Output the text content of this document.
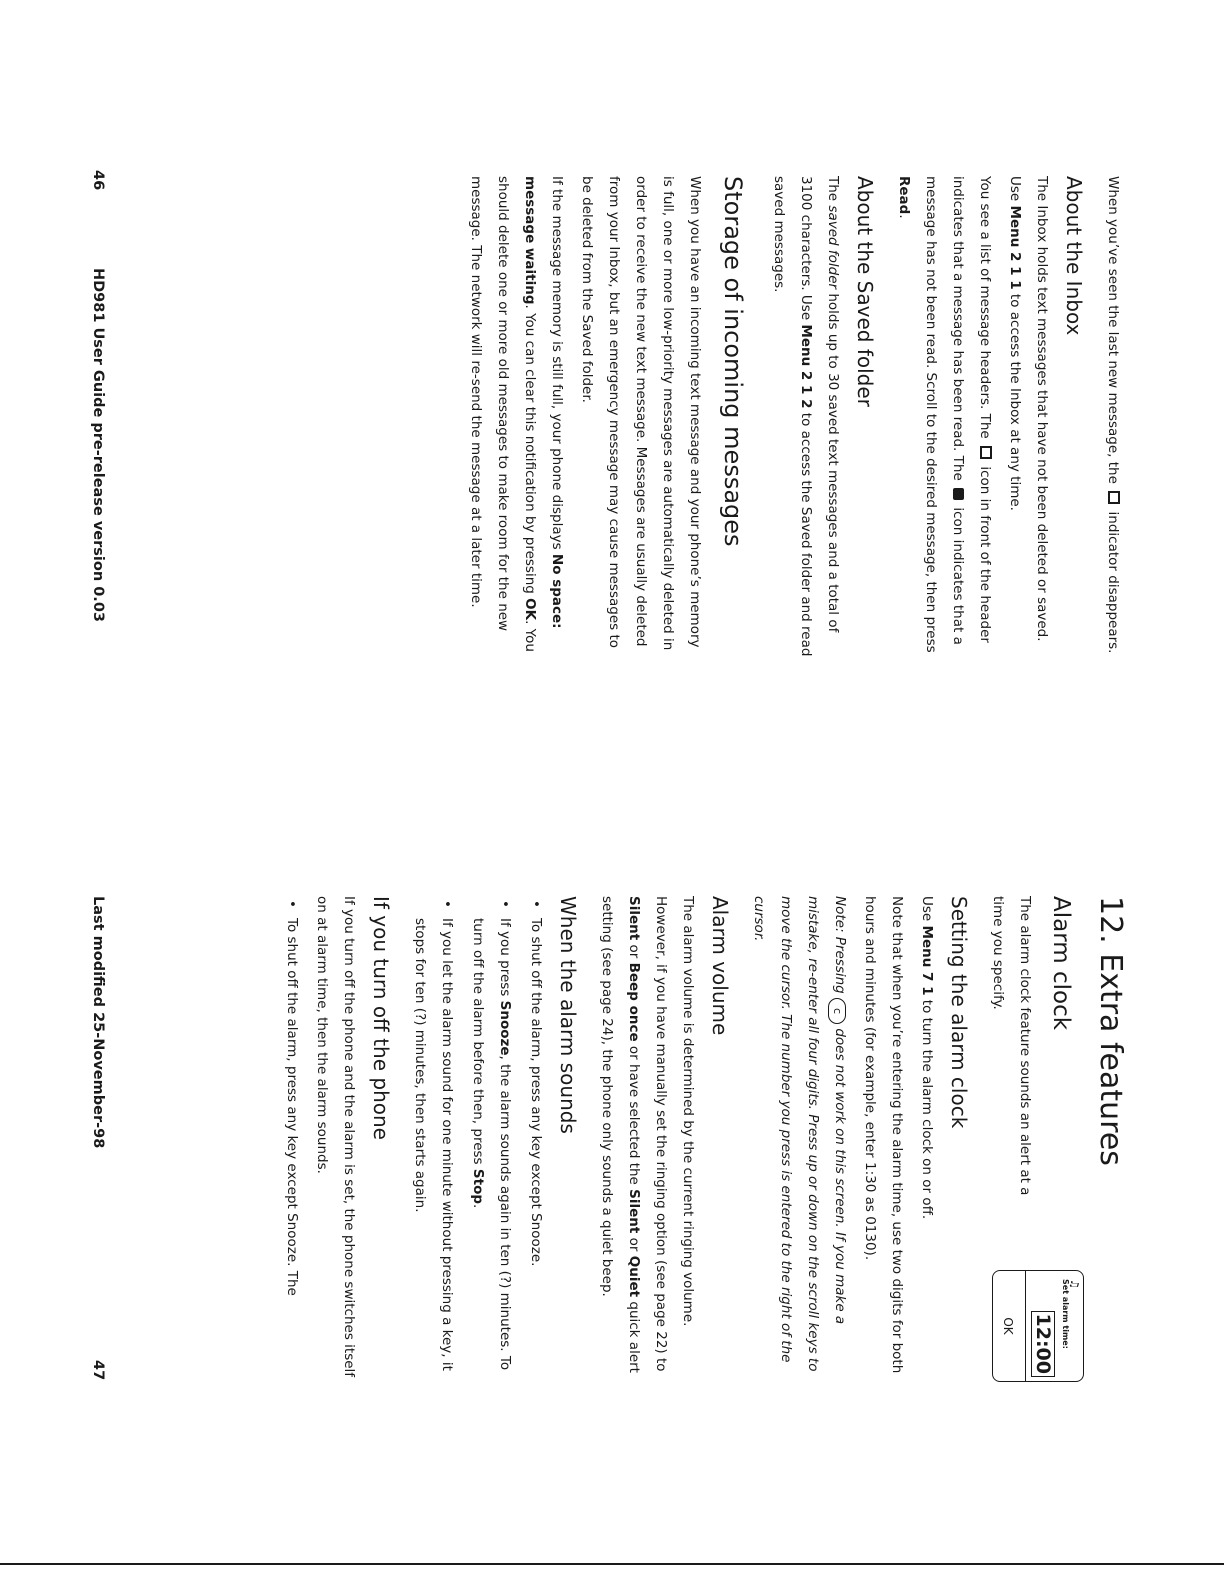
When you’ve seen the last new message, the  indicator disappears.

About the Inbox

The Inbox holds text messages that have not been deleted or saved. Use Menu 2 1 1 to access the Inbox at any time.

You see a list of message headers. The  icon in front of the header indicates that a message has been read. The  icon indicates that a message has not been read. Scroll to the desired message, then press Read.

About the Saved folder

The saved folder holds up to 30 saved text messages and a total of 3100 characters. Use Menu 2 1 2 to access the Saved folder and read saved messages.

Storage of incoming messages

When you have an incoming text message and your phone’s memory is full, one or more low-priority messages are automatically deleted in order to receive the new text message. Messages are usually deleted from your Inbox, but an emergency message may cause messages to be deleted from the Saved folder.

If the message memory is still full, your phone displays No space: message waiting. You can clear this notification by pressing OK. You should delete one or more old messages to make room for the new message. The network will re-send the message at a later time.

12. Extra features
Alarm clock

The alarm clock feature sounds an alert at a time you specify.

Setting the alarm clock

Use Menu 7 1 to turn the alarm clock on or off.

Note that when you’re entering the alarm time, use two digits for both hours and minutes (for example, enter 1:30 as 0130).

Note: Pressing c does not work on this screen. If you make a mistake, re-enter all four digits. Press up or down on the scroll keys to move the cursor. The number you press is entered to the right of the cursor.

Alarm volume

The alarm volume is determined by the current ringing volume. However, if you have manually set the ringing option (see page 22) to Silent or Beep once or have selected the Silent or Quiet quick alert setting (see page 24), the phone only sounds a quiet beep.

When the alarm sounds
• To shut off the alarm, press any key except Snooze.
• If you press Snooze, the alarm sounds again in ten (?) minutes. To turn off the alarm before then, press Stop.
• If you let the alarm sound for one minute without pressing a key, it stops for ten (?) minutes, then starts again.
If you turn off the phone

If you turn off the phone and the alarm is set, the phone switches itself on at alarm time, then the alarm sounds.

• To shut off the alarm, press any key except Snooze. The	♫
Set alarm time:
12:00
OK
46
HD981 User Guide pre-release version 0.03
Last modified 25-November-98
47
